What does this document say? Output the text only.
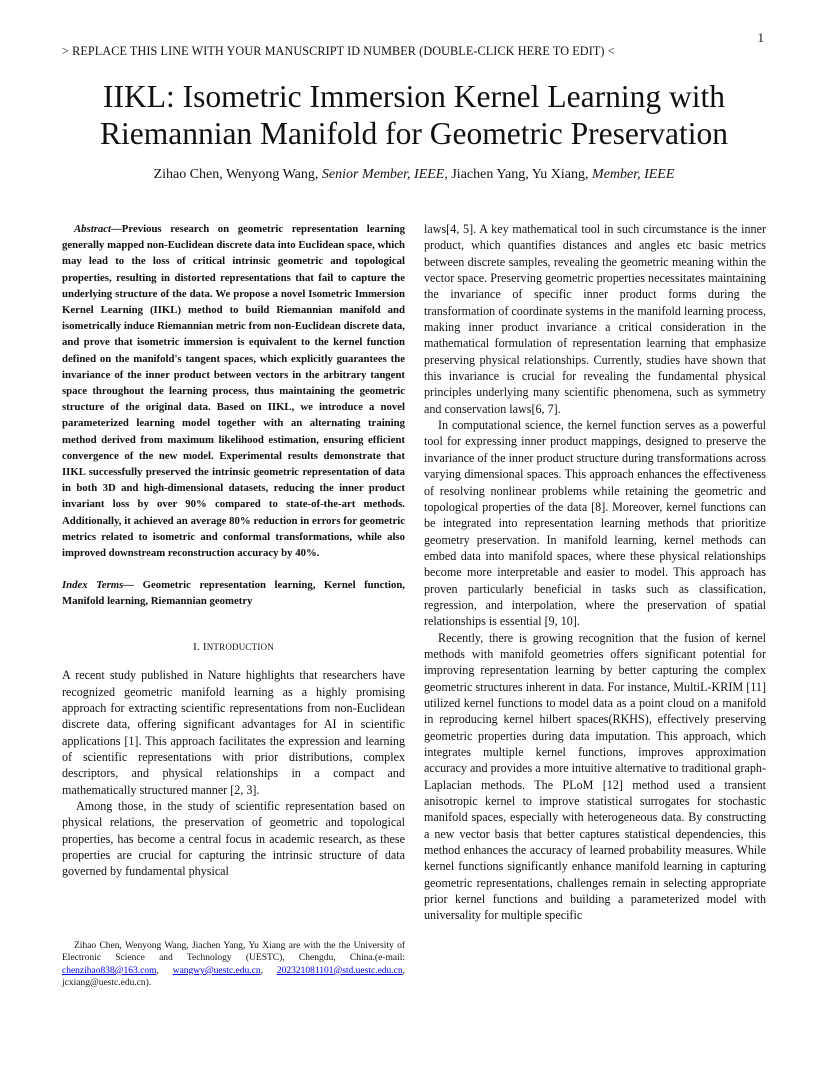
1
> REPLACE THIS LINE WITH YOUR MANUSCRIPT ID NUMBER (DOUBLE-CLICK HERE TO EDIT) <
IIKL: Isometric Immersion Kernel Learning with
Riemannian Manifold for Geometric Preservation
Zihao Chen, Wenyong Wang, Senior Member, IEEE, Jiachen Yang, Yu Xiang, Member, IEEE

Abstract—Previous research on geometric representation learning generally mapped non-Euclidean discrete data into Euclidean space, which may lead to the loss of critical intrinsic geometric and topological properties, resulting in distorted representations that fail to capture the underlying structure of the data. We propose a novel Isometric Immersion Kernel Learning (IIKL) method to build Riemannian manifold and isometrically induce Riemannian metric from non-Euclidean discrete data, and prove that isometric immersion is equivalent to the kernel function defined on the manifold's tangent spaces, which explicitly guarantees the invariance of the inner product between vectors in the arbitrary tangent space throughout the learning process, thus maintaining the geometric structure of the original data. Based on IIKL, we introduce a novel parameterized learning model together with an alternating training method derived from maximum likelihood estimation, ensuring efficient convergence of the new model. Experimental results demonstrate that IIKL successfully preserved the intrinsic geometric representation of data in both 3D and high-dimensional datasets, reducing the inner product invariant loss by over 90% compared to state-of-the-art methods. Additionally, it achieved an average 80% reduction in errors for geometric metrics related to isometric and conformal transformations, while also improved downstream reconstruction accuracy by 40%.

Index Terms— Geometric representation learning, Kernel function, Manifold learning, Riemannian geometry

I. INTRODUCTION

A recent study published in Nature highlights that researchers have recognized geometric manifold learning as a highly promising approach for extracting scientific representations from non-Euclidean discrete data, offering significant advantages for AI in scientific applications [1]. This approach facilitates the expression and learning of scientific representations with prior distributions, complex descriptors, and physical relationships in a compact and mathematically structured manner [2, 3].

Among those, in the study of scientific representation based on physical relations, the preservation of geometric and topological properties, has become a central focus in academic research, as these properties are crucial for capturing the intrinsic structure of data governed by fundamental physical

laws[4, 5]. A key mathematical tool in such circumstance is the inner product, which quantifies distances and angles etc basic metrics between discrete samples, revealing the geometric meaning within the vector space. Preserving geometric properties necessitates maintaining the invariance of specific inner product forms during the transformation of coordinate systems in the manifold learning process, making inner product invariance a critical consideration in the mathematical formulation of representation learning that emphasize preserving physical relationships. Currently, studies have shown that this invariance is crucial for revealing the fundamental physical principles underlying many scientific phenomena, such as symmetry and conservation laws[6, 7].

In computational science, the kernel function serves as a powerful tool for expressing inner product mappings, designed to preserve the invariance of the inner product structure during transformations across varying dimensional spaces. This approach enhances the effectiveness of resolving nonlinear problems while retaining the geometric and topological properties of the data [8]. Moreover, kernel functions can be integrated into representation learning methods that prioritize geometry preservation. In manifold learning, kernel methods can embed data into manifold spaces, where these physical relationships become more interpretable and easier to model. This approach has proven particularly beneficial in tasks such as classification, regression, and interpolation, where the preservation of spatial relationships is essential [9, 10].

Recently, there is growing recognition that the fusion of kernel methods with manifold geometries offers significant potential for improving representation learning by better capturing the complex geometric structures inherent in data. For instance, MultiL-KRIM [11] utilized kernel functions to model data as a point cloud on a manifold in reproducing kernel hilbert spaces(RKHS), effectively preserving geometric properties during data imputation. This approach, which integrates multiple kernel functions, improves approximation accuracy and provides a more intuitive alternative to traditional graph-Laplacian methods. The PLoM [12] method used a transient anisotropic kernel to improve statistical surrogates for stochastic manifold spaces, especially with heterogeneous data. By constructing a new vector basis that better captures statistical dependencies, this method enhances the accuracy of learned probability measures. While kernel functions significantly enhance manifold learning in capturing geometric representations, challenges remain in selecting appropriate prior kernel functions and building a parameterized model with universality for multiple specific

Zihao Chen, Wenyong Wang, Jiachen Yang, Yu Xiang are with the the University of Electronic Science and Technology (UESTC), Chengdu, China.(e-mail: chenzihao838@163.com, wangwy@uestc.edu.cn, 202321081101@std.uestc.edu.cn, jcxiang@uestc.edu.cn).
